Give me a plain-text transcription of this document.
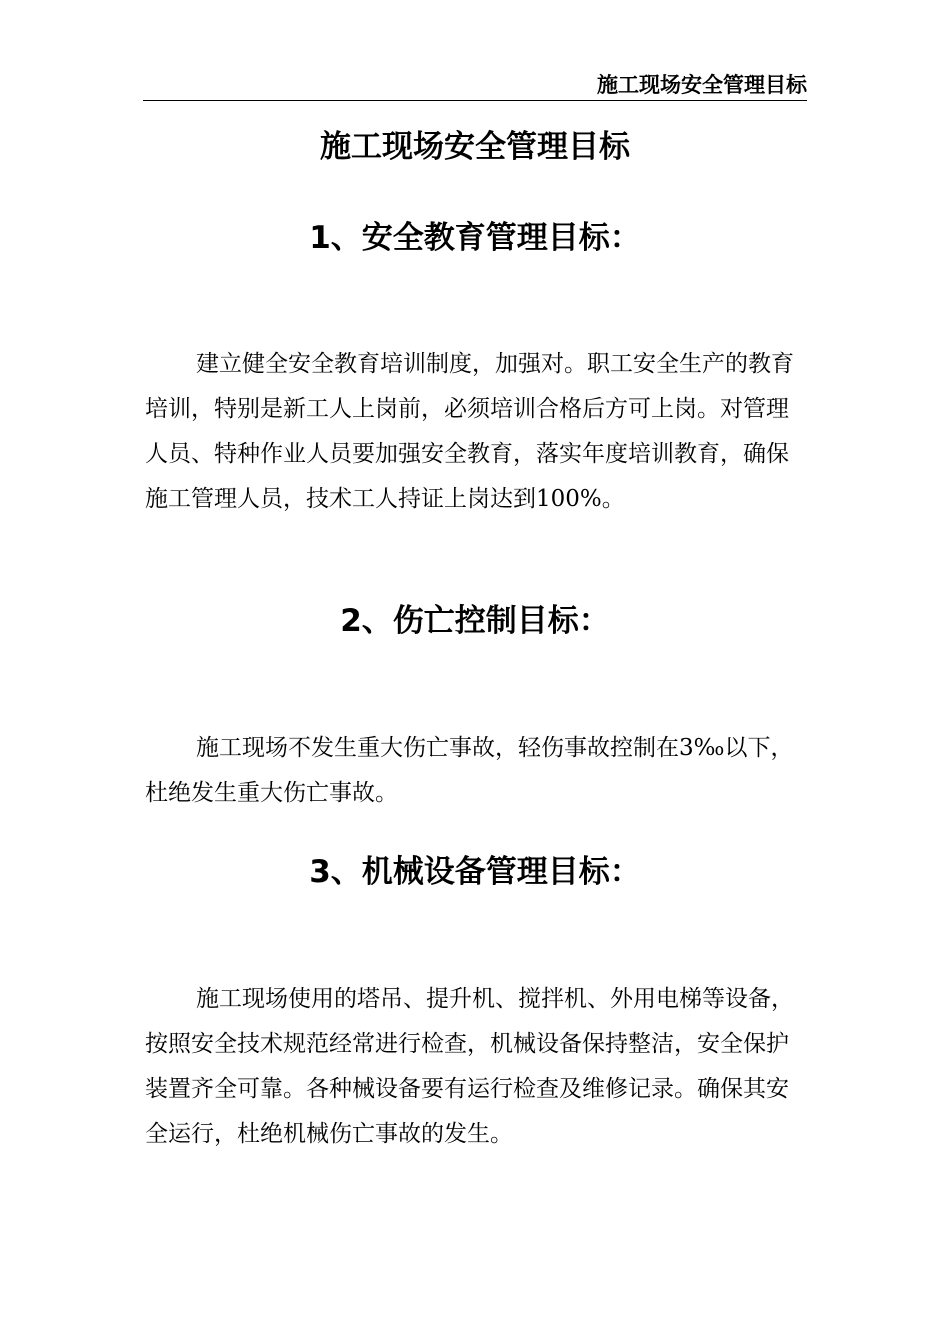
施工现场安全管理目标
施工现场安全管理目标
1、安全教育管理目标：
建立健全安全教育培训制度，加强对。职工安全生产的教育培训，特别是新工人上岗前，必须培训合格后方可上岗。对管理人员、特种作业人员要加强安全教育，落实年度培训教育，确保施工管理人员，技术工人持证上岗达到100%。
2、伤亡控制目标：
施工现场不发生重大伤亡事故，轻伤事故控制在3‰以下，杜绝发生重大伤亡事故。
3、机械设备管理目标：
施工现场使用的塔吊、提升机、搅拌机、外用电梯等设备，按照安全技术规范经常进行检查，机械设备保持整洁，安全保护装置齐全可靠。各种械设备要有运行检查及维修记录。确保其安全运行，杜绝机械伤亡事故的发生。
